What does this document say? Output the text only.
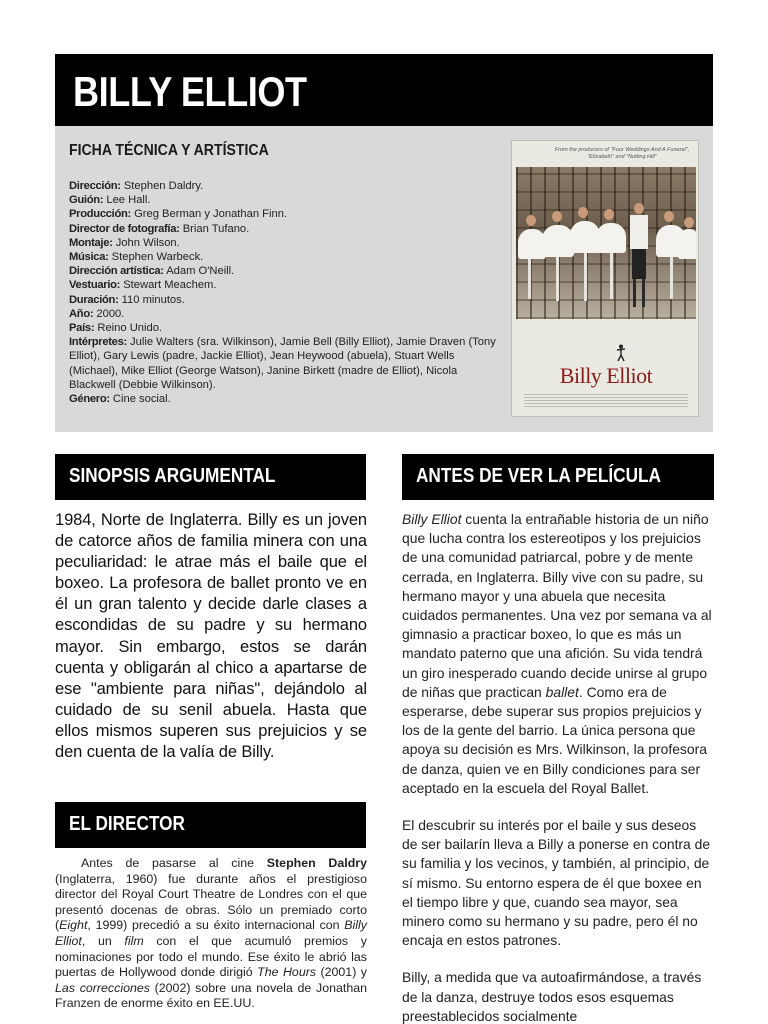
BILLY ELLIOT
FICHA TÉCNICA Y ARTÍSTICA
Dirección: Stephen Daldry.
Guión: Lee Hall.
Producción: Greg Berman y Jonathan Finn.
Director de fotografía: Brian Tufano.
Montaje: John Wilson.
Música: Stephen Warbeck.
Dirección artística: Adam O'Neill.
Vestuario: Stewart Meachem.
Duración: 110 minutos.
Año: 2000.
País: Reino Unido.
Intérpretes: Julie Walters (sra. Wilkinson), Jamie Bell (Billy Elliot), Jamie Draven (Tony Elliot), Gary Lewis (padre, Jackie Elliot), Jean Heywood (abuela), Stuart Wells (Michael), Mike Elliot (George Watson), Janine Birkett (madre de Elliot), Nicola Blackwell (Debbie Wilkinson).
Género: Cine social.
From the producers of "Four Weddings And A Funeral", "Elizabeth" and "Notting Hill"
Billy Elliot
SINOPSIS ARGUMENTAL
1984, Norte de Inglaterra. Billy es un joven de catorce años de familia minera con una peculiaridad: le atrae más el baile que el boxeo. La profesora de ballet pronto ve en él un gran talento y decide darle clases a escondidas de su padre y su hermano mayor. Sin embargo, estos se darán cuenta y obligarán al chico a apartarse de ese "ambiente para niñas", dejándolo al cuidado de su senil abuela. Hasta que ellos mismos superen sus prejuicios y se den cuenta de la valía de Billy.
EL DIRECTOR
Antes de pasarse al cine Stephen Daldry (Inglaterra, 1960) fue durante años el prestigioso director del Royal Court Theatre de Londres con el que presentó docenas de obras. Sólo un premiado corto (Eight, 1999) precedió a su éxito internacional con Billy Elliot, un film con el que acumuló premios y nominaciones por todo el mundo. Ese éxito le abrió las puertas de Hollywood donde dirigió The Hours (2001) y Las correcciones (2002) sobre una novela de Jonathan Franzen de enorme éxito en EE.UU.
ANTES DE VER LA PELÍCULA

Billy Elliot cuenta la entrañable historia de un niño que lucha contra los estereotipos y los prejuicios de una comunidad patriarcal, pobre y de mente cerrada, en Inglaterra. Billy vive con su padre, su hermano mayor y una abuela que necesita cuidados permanentes. Una vez por semana va al gimnasio a practicar boxeo, lo que es más un mandato paterno que una afición. Su vida tendrá un giro inesperado cuando decide unirse al grupo de niñas que practican ballet. Como era de esperarse, debe superar sus propios prejuicios y los de la gente del barrio. La única persona que apoya su decisión es Mrs. Wilkinson, la profesora de danza, quien ve en Billy condiciones para ser aceptado en la escuela del Royal Ballet.

El descubrir su interés por el baile y sus deseos de ser bailarín lleva a Billy a ponerse en contra de su familia y los vecinos, y también, al principio, de sí mismo. Su entorno espera de él que boxee en el tiempo libre y que, cuando sea mayor, sea minero como su hermano y su padre, pero él no encaja en estos patrones.

Billy, a medida que va autoafirmándose, a través de la danza, destruye todos esos esquemas preestablecidos socialmente
